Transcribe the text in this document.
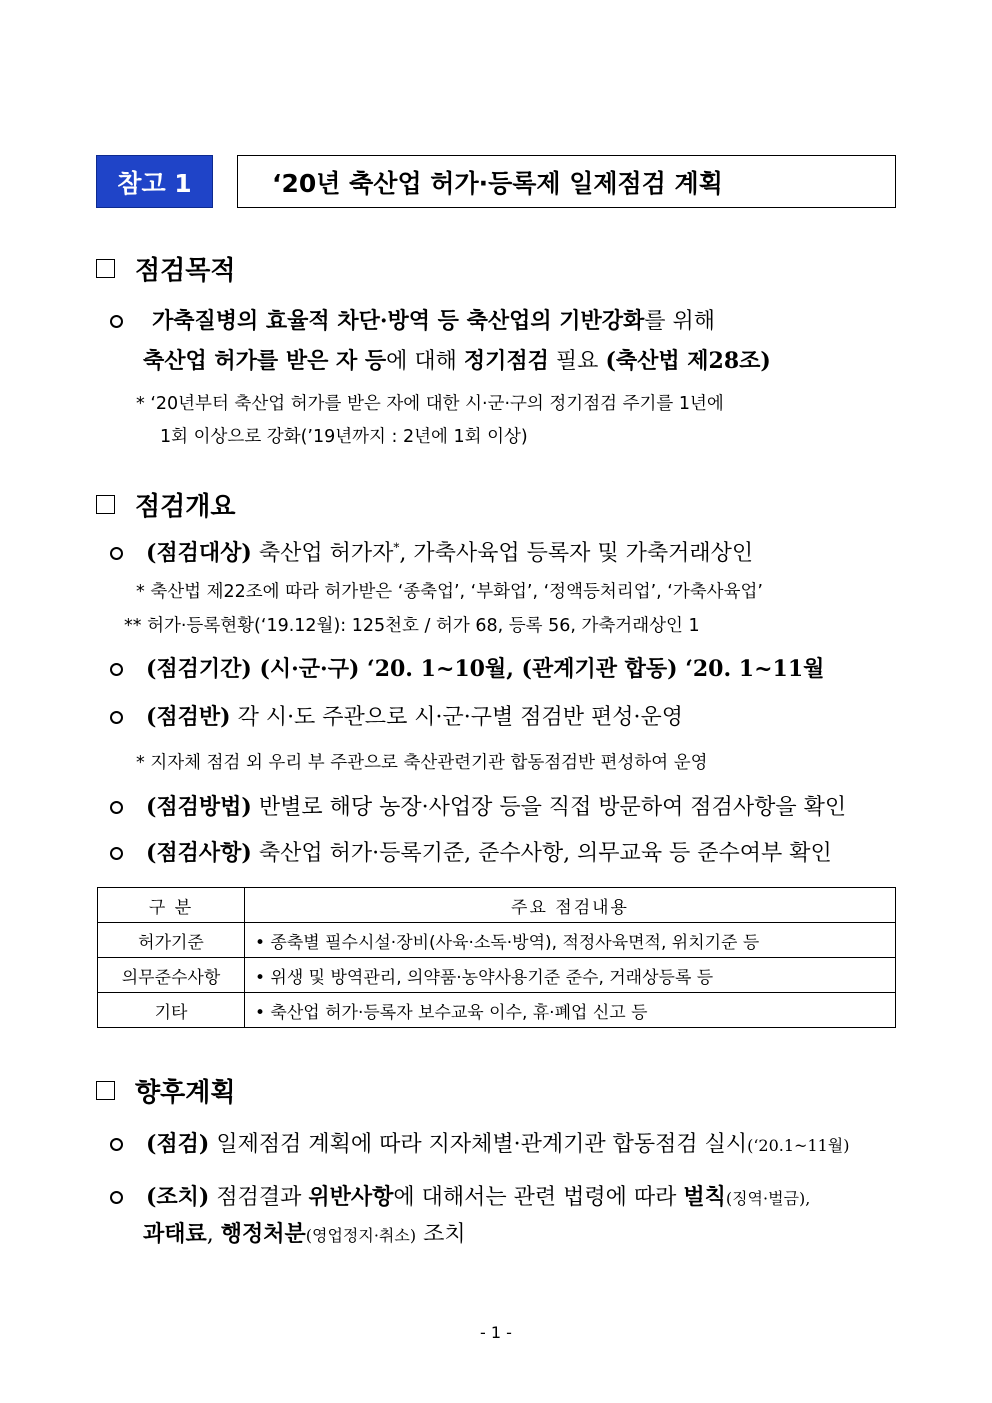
참고 1	‘20년 축산업 허가·등록제 일제점검 계획
점검목적
가축질병의 효율적 차단·방역 등 축산업의 기반강화를 위해
축산업 허가를 받은 자 등에 대해 정기점검 필요 (축산법 제28조)
* ‘20년부터 축산업 허가를 받은 자에 대한 시·군·구의 정기점검 주기를 1년에
1회 이상으로 강화(’19년까지 : 2년에 1회 이상)
점검개요
(점검대상) 축산업 허가자*, 가축사육업 등록자 및 가축거래상인
* 축산법 제22조에 따라 허가받은 ‘종축업’, ‘부화업’, ‘정액등처리업’, ‘가축사육업’
** 허가·등록현황(‘19.12월): 125천호 / 허가 68, 등록 56, 가축거래상인 1
(점검기간) (시·군·구) ‘20. 1~10월, (관계기관 합동) ‘20. 1~11월
(점검반) 각 시·도 주관으로 시·군·구별 점검반 편성·운영
* 지자체 점검 외 우리 부 주관으로 축산관련기관 합동점검반 편성하여 운영
(점검방법) 반별로 해당 농장·사업장 등을 직접 방문하여 점검사항을 확인
(점검사항) 축산업 허가·등록기준, 준수사항, 의무교육 등 준수여부 확인
구 분	주요 점검내용
허가기준	• 종축별 필수시설·장비(사육·소독·방역), 적정사육면적, 위치기준 등
의무준수사항	• 위생 및 방역관리, 의약품·농약사용기준 준수, 거래상등록 등
기타	• 축산업 허가·등록자 보수교육 이수, 휴·폐업 신고 등
향후계획
(점검) 일제점검 계획에 따라 지자체별·관계기관 합동점검 실시(‘20.1~11월)
(조치) 점검결과 위반사항에 대해서는 관련 법령에 따라 벌칙(징역·벌금),
과태료, 행정처분(영업정지·취소) 조치
- 1 -
